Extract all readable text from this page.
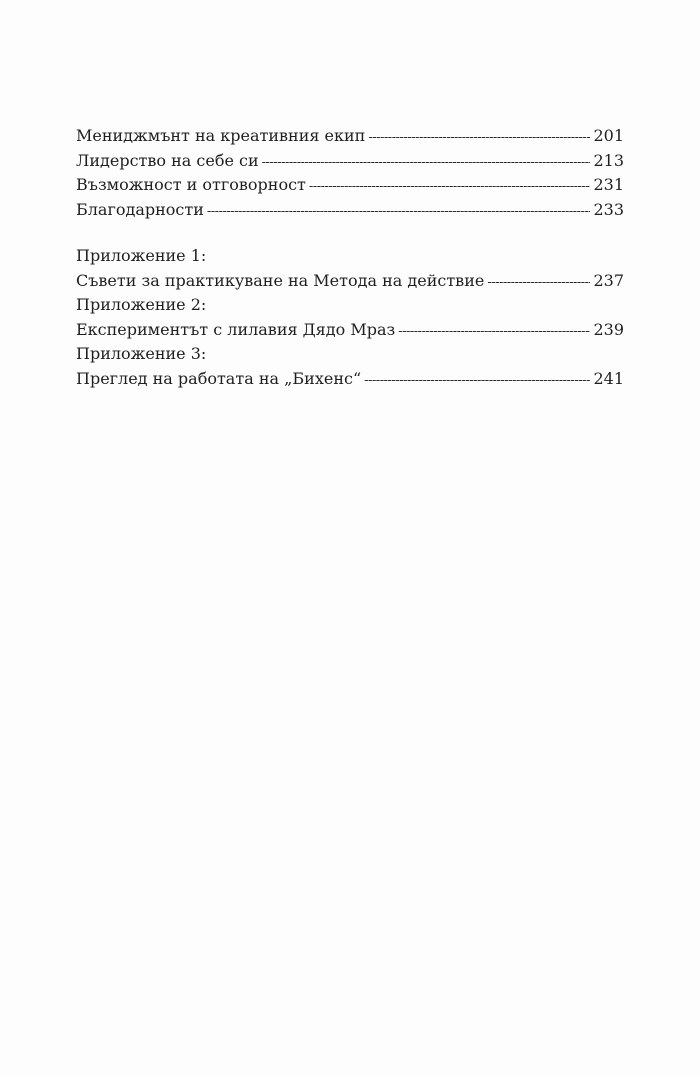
Мениджмънт на креативния екип -----	201
Лидерство на себе си -----	213
Възможност и отговорност -----	231
Благодарности -----	233
Приложение 1:
Съвети за практикуване на Метода на действие -----	237
Приложение 2:
Експериментът с лилавия Дядо Мраз -----	239
Приложение 3:
Преглед на работата на „Бихенс“ -----	241
